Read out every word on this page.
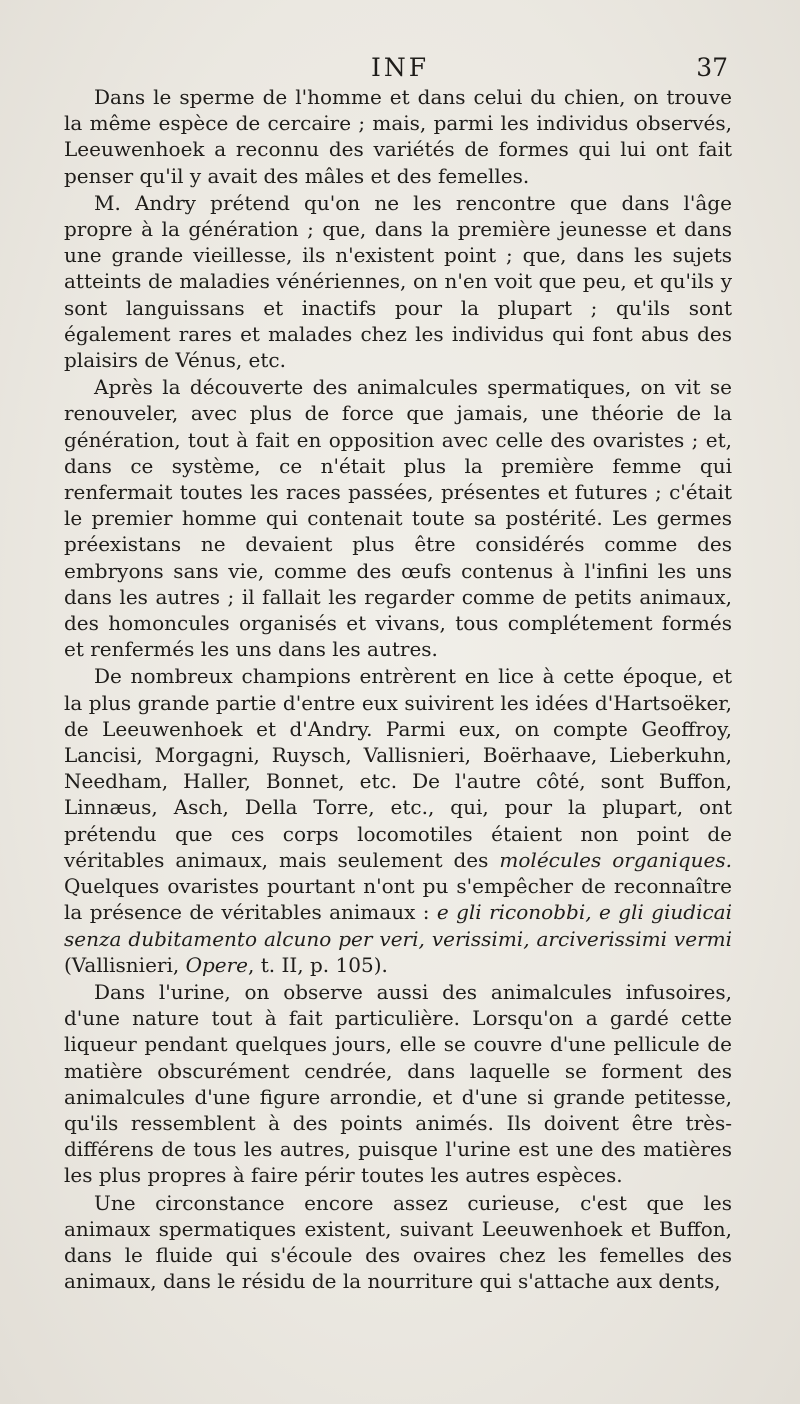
INF	37

Dans le sperme de l'homme et dans celui du chien, on trouve la même espèce de cercaire ; mais, parmi les individus observés, Leeuwenhoek a reconnu des variétés de formes qui lui ont fait penser qu'il y avait des mâles et des femelles.

M. Andry prétend qu'on ne les rencontre que dans l'âge propre à la génération ; que, dans la première jeunesse et dans une grande vieillesse, ils n'existent point ; que, dans les sujets atteints de maladies vénériennes, on n'en voit que peu, et qu'ils y sont languissans et inactifs pour la plupart ; qu'ils sont également rares et malades chez les individus qui font abus des plaisirs de Vénus, etc.

Après la découverte des animalcules spermatiques, on vit se renouveler, avec plus de force que jamais, une théorie de la génération, tout à fait en opposition avec celle des ovaristes ; et, dans ce système, ce n'était plus la première femme qui renfermait toutes les races passées, présentes et futures ; c'était le premier homme qui contenait toute sa postérité. Les germes préexistans ne devaient plus être considérés comme des embryons sans vie, comme des œufs contenus à l'infini les uns dans les autres ; il fallait les regarder comme de petits animaux, des homoncules organisés et vivans, tous complétement formés et renfermés les uns dans les autres.

De nombreux champions entrèrent en lice à cette époque, et la plus grande partie d'entre eux suivirent les idées d'Hartsoëker, de Leeuwenhoek et d'Andry. Parmi eux, on compte Geoffroy, Lancisi, Morgagni, Ruysch, Vallisnieri, Boërhaave, Lieberkuhn, Needham, Haller, Bonnet, etc. De l'autre côté, sont Buffon, Linnæus, Asch, Della Torre, etc., qui, pour la plupart, ont prétendu que ces corps locomotiles étaient non point de véritables animaux, mais seulement des molécules organiques. Quelques ovaristes pourtant n'ont pu s'empêcher de reconnaître la présence de véritables animaux : e gli riconobbi, e gli giudicai senza dubitamento alcuno per veri, verissimi, arciverissimi vermi (Vallisnieri, Opere, t. II, p. 105).

Dans l'urine, on observe aussi des animalcules infusoires, d'une nature tout à fait particulière. Lorsqu'on a gardé cette liqueur pendant quelques jours, elle se couvre d'une pellicule de matière obscurément cendrée, dans laquelle se forment des animalcules d'une figure arrondie, et d'une si grande petitesse, qu'ils ressemblent à des points animés. Ils doivent être très-différens de tous les autres, puisque l'urine est une des matières les plus propres à faire périr toutes les autres espèces.

Une circonstance encore assez curieuse, c'est que les animaux spermatiques existent, suivant Leeuwenhoek et Buffon, dans le fluide qui s'écoule des ovaires chez les femelles des animaux, dans le résidu de la nourriture qui s'attache aux dents,
